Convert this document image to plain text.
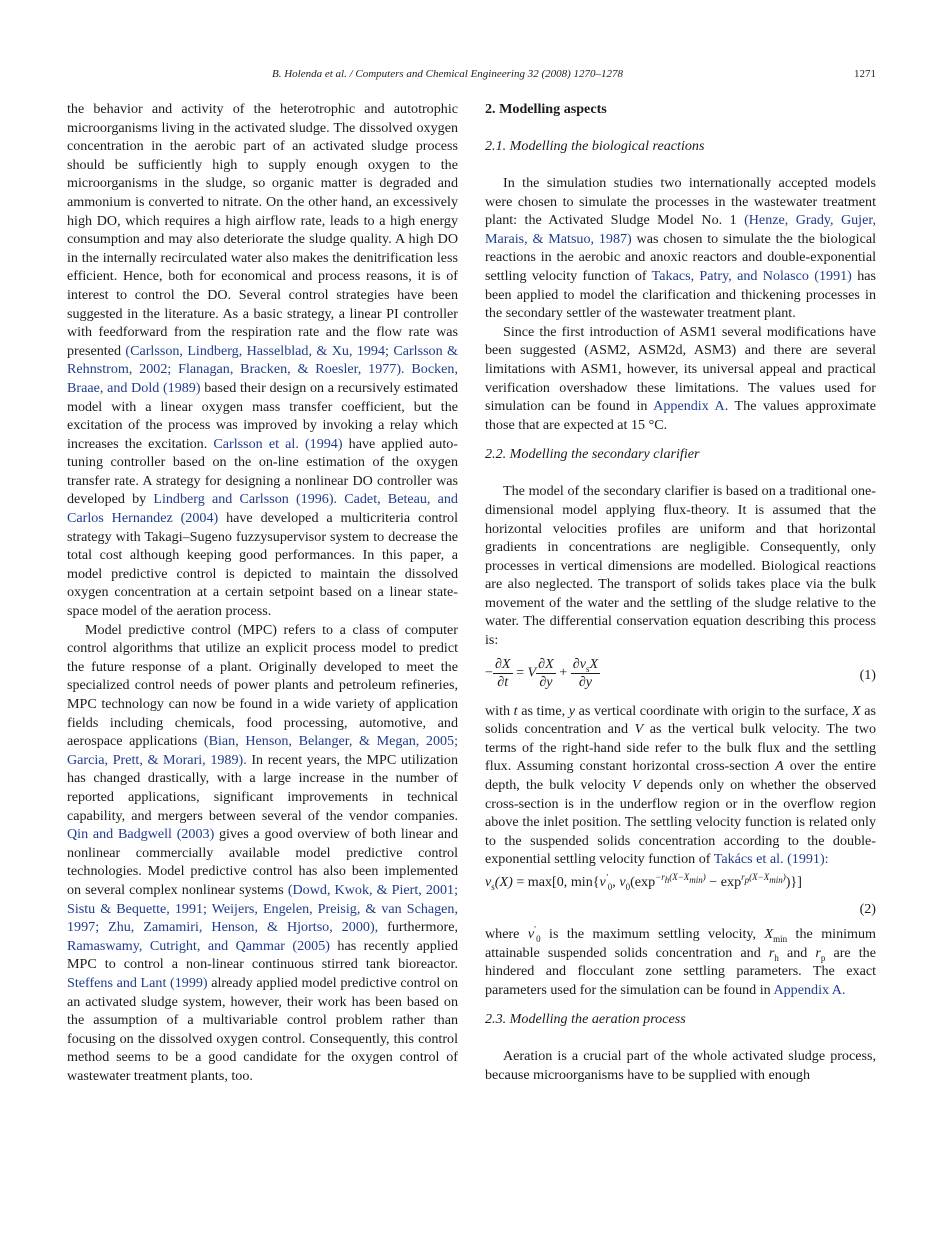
B. Holenda et al. / Computers and Chemical Engineering 32 (2008) 1270–1278	1271

the behavior and activity of the heterotrophic and autotrophic microorganisms living in the activated sludge. The dissolved oxygen concentration in the aerobic part of an activated sludge process should be sufficiently high to supply enough oxygen to the microorganisms in the sludge, so organic matter is degraded and ammonium is converted to nitrate. On the other hand, an excessively high DO, which requires a high airflow rate, leads to a high energy consumption and may also deteriorate the sludge quality. A high DO in the internally recirculated water also makes the denitrification less efficient. Hence, both for economical and process reasons, it is of interest to control the DO. Several control strategies have been suggested in the literature. As a basic strategy, a linear PI controller with feedforward from the respiration rate and the flow rate was presented (Carlsson, Lindberg, Hasselblad, & Xu, 1994; Carlsson & Rehnstrom, 2002; Flanagan, Bracken, & Roesler, 1977). Bocken, Braae, and Dold (1989) based their design on a recursively estimated model with a linear oxygen mass transfer coefficient, but the excitation of the process was improved by invoking a relay which increases the excitation. Carlsson et al. (1994) have applied auto-tuning controller based on the on-line estimation of the oxygen transfer rate. A strategy for designing a nonlinear DO controller was developed by Lindberg and Carlsson (1996). Cadet, Beteau, and Carlos Hernandez (2004) have developed a multicriteria control strategy with Takagi–Sugeno fuzzysupervisor system to decrease the total cost although keeping good performances. In this paper, a model predictive control is depicted to maintain the dissolved oxygen concentration at a certain setpoint based on a linear state-space model of the aeration process.

Model predictive control (MPC) refers to a class of computer control algorithms that utilize an explicit process model to predict the future response of a plant. Originally developed to meet the specialized control needs of power plants and petroleum refineries, MPC technology can now be found in a wide variety of application fields including chemicals, food processing, automotive, and aerospace applications (Bian, Henson, Belanger, & Megan, 2005; Garcia, Prett, & Morari, 1989). In recent years, the MPC utilization has changed drastically, with a large increase in the number of reported applications, significant improvements in technical capability, and mergers between several of the vendor companies. Qin and Badgwell (2003) gives a good overview of both linear and nonlinear commercially available model predictive control technologies. Model predictive control has also been implemented on several complex nonlinear systems (Dowd, Kwok, & Piert, 2001; Sistu & Bequette, 1991; Weijers, Engelen, Preisig, & van Schagen, 1997; Zhu, Zamamiri, Henson, & Hjortso, 2000), furthermore, Ramaswamy, Cutright, and Qammar (2005) has recently applied MPC to control a non-linear continuous stirred tank bioreactor. Steffens and Lant (1999) already applied model predictive control on an activated sludge system, however, their work has been based on the assumption of a multivariable control problem rather than focusing on the dissolved oxygen control. Consequently, this control method seems to be a good candidate for the oxygen control of wastewater treatment plants, too.

2. Modelling aspects
2.1. Modelling the biological reactions

In the simulation studies two internationally accepted models were chosen to simulate the processes in the wastewater treatment plant: the Activated Sludge Model No. 1 (Henze, Grady, Gujer, Marais, & Matsuo, 1987) was chosen to simulate the the biological reactions in the aerobic and anoxic reactors and double-exponential settling velocity function of Takacs, Patry, and Nolasco (1991) has been applied to model the clarification and thickening processes in the secondary settler of the wastewater treatment plant.

Since the first introduction of ASM1 several modifications have been suggested (ASM2, ASM2d, ASM3) and there are several limitations with ASM1, however, its universal appeal and practical verification overshadow these limitations. The values used for simulation can be found in Appendix A. The values approximate those that are expected at 15 °C.

2.2. Modelling the secondary clarifier

The model of the secondary clarifier is based on a traditional one-dimensional model applying flux-theory. It is assumed that the horizontal velocities profiles are uniform and that horizontal gradients in concentrations are negligible. Consequently, only processes in vertical dimensions are modelled. Biological reactions are also neglected. The transport of solids takes place via the bulk movement of the water and the settling of the sludge relative to the water. The differential conservation equation describing this process is:

− $\frac{\partial X}{\partial t} = V \frac{\partial X}{\partial y} + \frac{\partial v_sX}{\partial y}$	(1)

with t as time, y as vertical coordinate with origin to the surface, X as solids concentration and V as the vertical bulk velocity. The two terms of the right-hand side refer to the bulk flux and the settling flux. Assuming constant horizontal cross-section A over the entire depth, the bulk velocity V depends only on whether the observed cross-section is in the underflow region or in the overflow region above the inlet position. The settling velocity function is related only to the suspended solids concentration according to the double-exponential settling velocity function of Takács et al. (1991):

$v_s(X) = \max[0$, $\min\{v'_0$, $v_0(\exp^{-r_h(X-X_{min})} - \exp^{r_p(X-X_{min})})$}]
(2)

where $v'_0$ is the maximum settling velocity, $X_{min}$ the minimum attainable suspended solids concentration and $r_h$ and $r_p$ are the hindered and flocculant zone settling parameters. The exact parameters used for the simulation can be found in Appendix A.

2.3. Modelling the aeration process

Aeration is a crucial part of the whole activated sludge process, because microorganisms have to be supplied with enough
